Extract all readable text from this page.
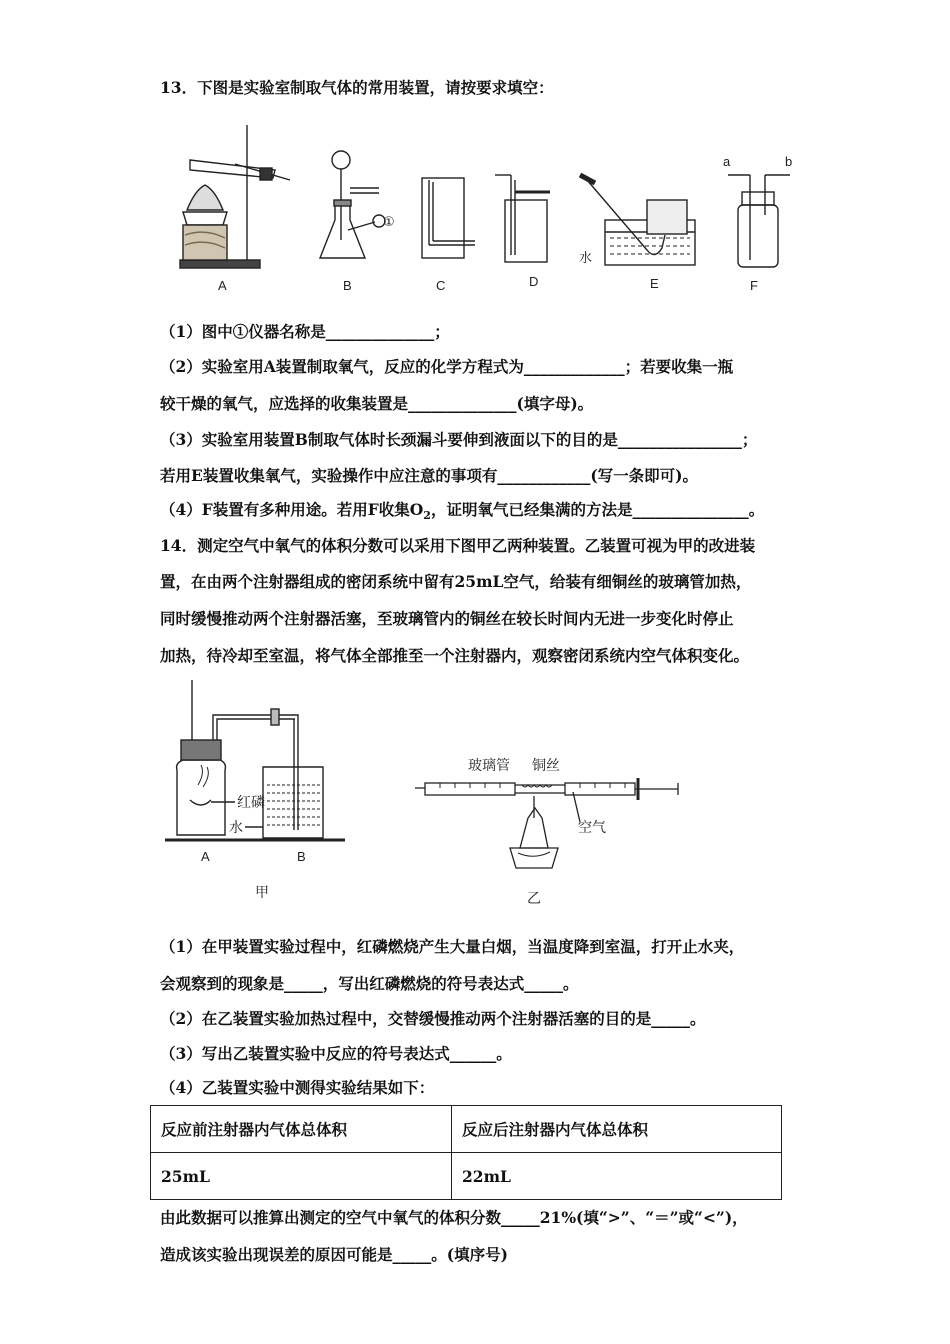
13．下图是实验室制取气体的常用装置，请按要求填空：
①
水
a	b
A	B	C	D	E	F
（1）图中①仪器名称是______________；
（2）实验室用A装置制取氧气，反应的化学方程式为_____________；若要收集一瓶
较干燥的氧气，应选择的收集装置是______________(填字母)。
（3）实验室用装置B制取气体时长颈漏斗要伸到液面以下的目的是________________；
若用E装置收集氧气，实验操作中应注意的事项有____________(写一条即可)。
（4）F装置有多种用途。若用F收集$O_2$，证明氧气已经集满的方法是_______________。
14．测定空气中氧气的体积分数可以采用下图甲乙两种装置。乙装置可视为甲的改进装
置，在由两个注射器组成的密闭系统中留有25mL空气，给装有细铜丝的玻璃管加热，
同时缓慢推动两个注射器活塞，至玻璃管内的铜丝在较长时间内无进一步变化时停止
加热，待冷却至室温，将气体全部推至一个注射器内，观察密闭系统内空气体积变化。
红磷
水
A	B
甲
玻璃管 铜丝
空气
乙
（1）在甲装置实验过程中，红磷燃烧产生大量白烟，当温度降到室温，打开止水夹，
会观察到的现象是_____，写出红磷燃烧的符号表达式_____。
（2）在乙装置实验加热过程中，交替缓慢推动两个注射器活塞的目的是_____。
（3）写出乙装置实验中反应的符号表达式______。
（4）乙装置实验中测得实验结果如下：
反应前注射器内气体总体积	反应后注射器内气体总体积
25mL	22mL
由此数据可以推算出测定的空气中氧气的体积分数_____21%(填“>”、“＝”或“<”)，
造成该实验出现误差的原因可能是_____。(填序号)
